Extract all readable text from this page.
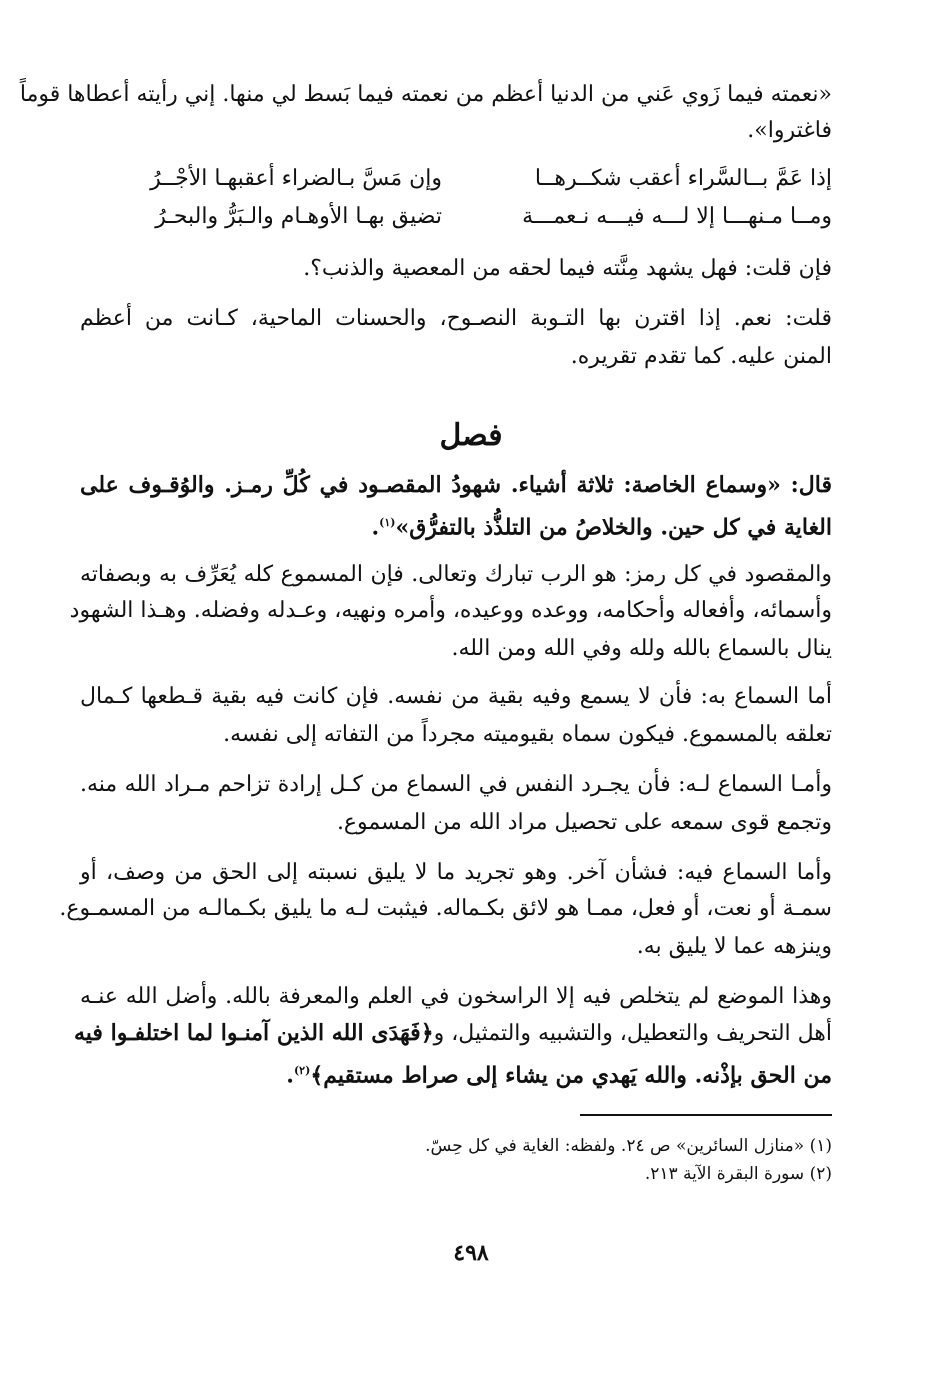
«نعمته فيما زَوي عَني من الدنيا أعظم من نعمته فيما بَسط لي منها. إني رأيته أعطاها قوماً
فاغتروا».
إذا عَمَّ بــالسَّراء أعقب شكــرهــا
وإن مَسَّ بـالضراء أعقبهـا الأجْــرُ
ومــا مـنهـــا إلا لـــه فيـــه نـعمـــة
تضيق بهـا الأوهـام والـبَرُّ والبحـرُ
فإن قلت: فهل يشهد مِنَّته فيما لحقه من المعصية والذنب؟.
قلت: نعم. إذا اقترن بها التـوبة النصـوح، والحسنات الماحية، كـانت من أعظم
المنن عليه. كما تقدم تقريره.
فصل
قال: «وسماع الخاصة: ثلاثة أشياء. شهودُ المقصـود في كُلِّ رمـز. والوُقـوف على
الغاية في كل حين. والخلاصُ من التلذُّذ بالتفرُّق»$^{(١)}$.
والمقصود في كل رمز: هو الرب تبارك وتعالى. فإن المسموع كله يُعَرِّف به وبصفاته
وأسمائه، وأفعاله وأحكامه، ووعده ووعيده، وأمره ونهيه، وعـدله وفضله. وهـذا الشهود
ينال بالسماع بالله ولله وفي الله ومن الله.
أما السماع به: فأن لا يسمع وفيه بقية من نفسه. فإن كانت فيه بقية قـطعها كـمال
تعلقه بالمسموع. فيكون سماه بقيوميته مجرداً من التفاته إلى نفسه.
وأمـا السماع لـه: فأن يجـرد النفس في السماع من كـل إرادة تزاحم مـراد الله منه.
وتجمع قوى سمعه على تحصيل مراد الله من المسموع.
وأما السماع فيه: فشأن آخر. وهو تجريد ما لا يليق نسبته إلى الحق من وصف، أو
سمـة أو نعت، أو فعل، ممـا هو لائق بكـماله. فيثبت لـه ما يليق بكـمالـه من المسمـوع.
وينزهه عما لا يليق به.
وهذا الموضع لم يتخلص فيه إلا الراسخون في العلم والمعرفة بالله. وأضل الله عنـه
أهل التحريف والتعطيل، والتشبيه والتمثيل، و﴿فَهَدَى الله الذين آمنـوا لما اختلفـوا فيه
من الحق بإذْنه. والله يَهدي من يشاء إلى صراط مستقيم﴾$^{(٢)}$.
(١) «منازل السائرين» ص ٢٤. ولفظه: الغاية في كل حِسّ.
(٢) سورة البقرة الآية ٢١٣.
٤٩٨
